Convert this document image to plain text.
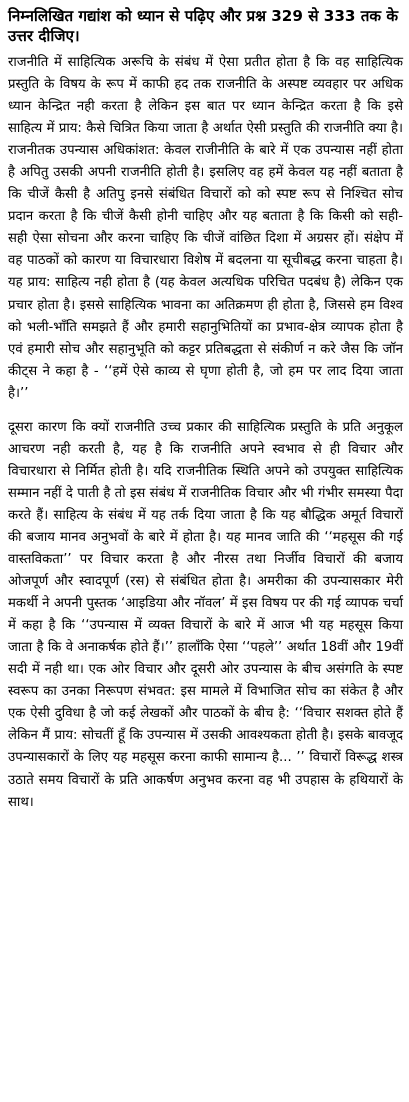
निम्नलिखित गद्यांश को ध्यान से पढ़िए और प्रश्न 329 से 333 तक के उत्तर दीजिए।

राजनीति में साहित्यिक अरूचि के संबंध में ऐसा प्रतीत होता है कि वह साहित्यिक प्रस्तुति के विषय के रूप में काफी हद तक राजनीति के अस्पष्ट व्यवहार पर अधिक ध्यान केन्द्रित नही करता है लेकिन इस बात पर ध्यान केन्द्रित करता है कि इसे साहित्य में प्राय: कैसे चित्रित किया जाता है अर्थात ऐसी प्रस्तुति की राजनीति क्या है। राजनीतक उपन्यास अधिकांशत: केवल राजीनीति के बारे में एक उपन्यास नहीं होता है अपितु उसकी अपनी राजनीति होती है। इसलिए वह हमें केवल यह नहीं बताता है कि चीजें कैसी है अतिपु इनसे संबंधित विचारों को को स्पष्ट रूप से निश्चित सोच प्रदान करता है कि चीजें कैसी होनी चाहिए और यह बताता है कि किसी को सही-सही ऐसा सोचना और करना चाहिए कि चीजें वांछित दिशा में अग्रसर हों। संक्षेप में वह पाठकों को कारण या विचारधारा विशेष में बदलना या सूचीबद्ध करना चाहता है। यह प्राय: साहित्य नही होता है (यह केवल अत्यधिक परिचित पदबंध है) लेकिन एक प्रचार होता है। इससे साहित्यिक भावना का अतिक्रमण ही होता है, जिससे हम विश्व को भली-भाँति समझते हैं और हमारी सहानुभितियों का प्रभाव-क्षेत्र व्यापक होता है एवं हमारी सोच और सहानुभूति को कट्टर प्रतिबद्धता से संकीर्ण न करे जैस कि जॉन कीट्स ने कहा है - ‘‘हमें ऐसे काव्य से घृणा होती है, जो हम पर लाद दिया जाता है।’’

दूसरा कारण कि क्यों राजनीति उच्च प्रकार की साहित्यिक प्रस्तुति के प्रति अनुकूल आचरण नही करती है, यह है कि राजनीति अपने स्वभाव से ही विचार और विचारधारा से निर्मित होती है। यदि राजनीतिक स्थिति अपने को उपयुक्त साहित्यिक सम्मान नहीं दे पाती है तो इस संबंध में राजनीतिक विचार और भी गंभीर समस्या पैदा करते हैं। साहित्य के संबंध में यह तर्क दिया जाता है कि यह बौद्धिक अमूर्त विचारों की बजाय मानव अनुभवों के बारे में होता है। यह मानव जाति की ‘‘महसूस की गई वास्तविकता’’ पर विचार करता है और नीरस तथा निर्जीव विचारों की बजाय ओजपूर्ण और स्वादपूर्ण (रस) से संबंधित होता है। अमरीका की उपन्यासकार मेरी मकर्थी ने अपनी पुस्तक ‘आइडिया और नॉवल’ में इस विषय पर की गई व्यापक चर्चा में कहा है कि ‘‘उपन्यास में व्यक्त विचारों के बारे में आज भी यह महसूस किया जाता है कि वे अनाकर्षक होते हैं।’’ हालाँकि ऐसा ‘‘पहले’’ अर्थात 18वीं और 19वीं सदी में नही था। एक ओर विचार और दूसरी ओर उपन्यास के बीच असंगति के स्पष्ट स्वरूप का उनका निरूपण संभवत: इस मामले में विभाजित सोच का संकेत है और एक ऐसी दुविधा है जो कई लेखकों और पाठकों के बीच है: ‘‘विचार सशक्त होते हैं लेकिन मैं प्राय: सोचतीं हूँ कि उपन्यास में उसकी आवश्यकता होती है। इसके बावजूद उपन्यासकारों के लिए यह महसूस करना काफी सामान्य है... ’’ विचारों विरूद्ध शस्त्र उठाते समय विचारों के प्रति आकर्षण अनुभव करना वह भी उपहास के हथियारों के साथ।
